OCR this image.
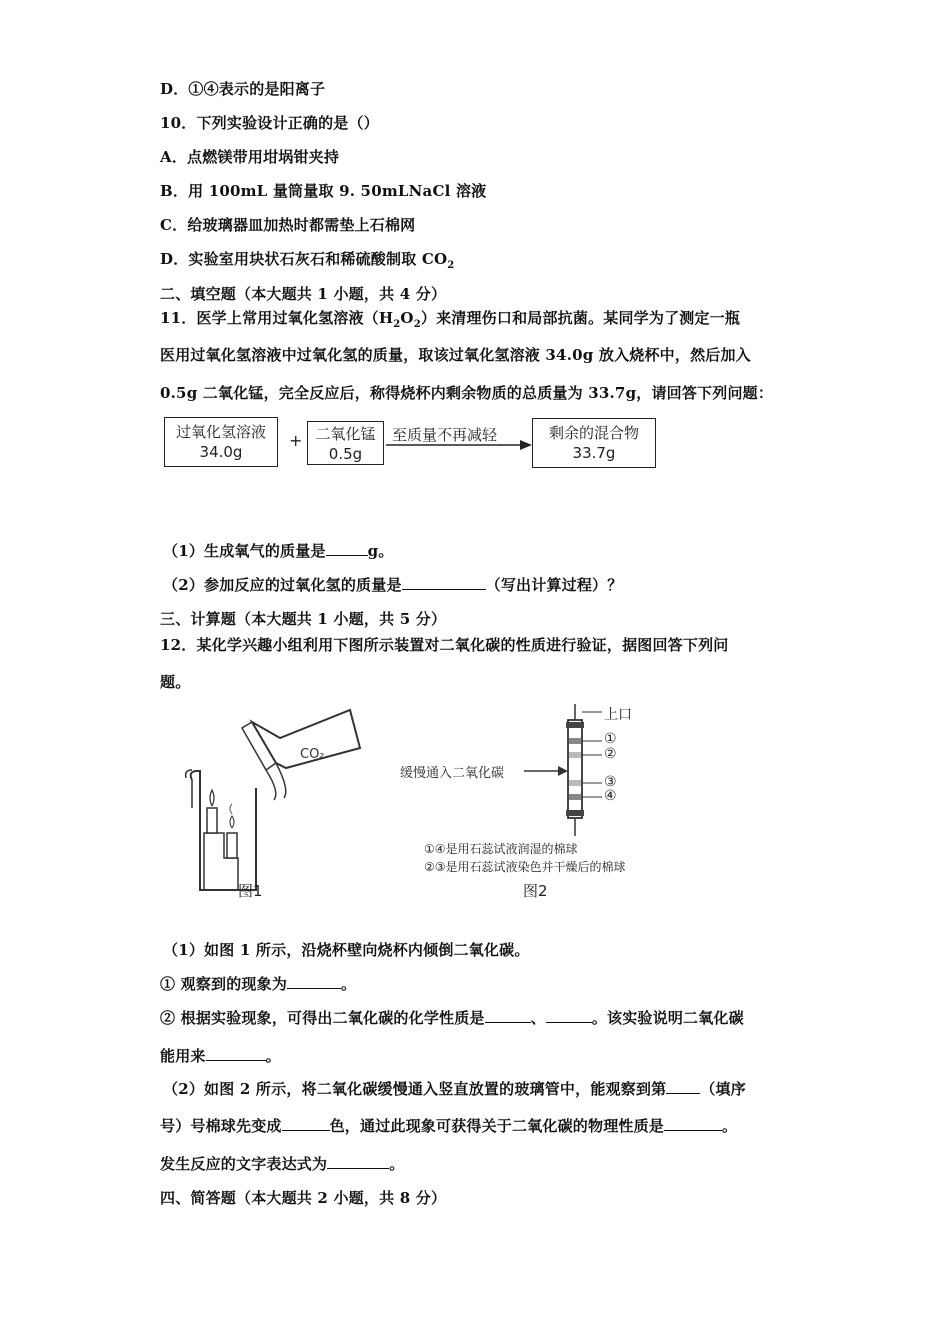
D．①④表示的是阳离子
10．下列实验设计正确的是（）
A．点燃镁带用坩埚钳夹持
B．用 100mL 量筒量取 9. 50mLNaCl 溶液
C．给玻璃器皿加热时都需垫上石棉网
D．实验室用块状石灰石和稀硫酸制取 $CO_2$
二、填空题（本大题共 1 小题，共 4 分）
11．医学上常用过氧化氢溶液$(H_2O_2)$来清理伤口和局部抗菌。某同学为了测定一瓶
医用过氧化氢溶液中过氧化氢的质量，取该过氧化氢溶液 34.0g 放入烧杯中，然后加入
0.5g 二氧化锰，完全反应后，称得烧杯内剩余物质的总质量为 33.7g，请回答下列问题：
过氧化氢溶液
34.0g
+ 二氧化锰
0.5g
至质量不再减轻	剩余的混合物
33.7g
（1）生成氧气的质量是	g。
（2）参加反应的过氧化氢的质量是	（写出计算过程）？
三、计算题（本大题共 1 小题，共 5 分）
12．某化学兴趣小组利用下图所示装置对二氧化碳的性质进行验证，据图回答下列问
题。
CO₂
图1
上口
①
②
③
④
缓慢通入二氧化碳
①④是用石蕊试液润湿的棉球
②③是用石蕊试液染色并干燥后的棉球
图2
（1）如图 1 所示，沿烧杯壁向烧杯内倾倒二氧化碳。
① 观察到的现象为	。
② 根据实验现象，可得出二氧化碳的化学性质是	、	。该实验说明二氧化碳
能用来	。
（2）如图 2 所示，将二氧化碳缓慢通入竖直放置的玻璃管中，能观察到第 （填序
号）号棉球先变成	色，通过此现象可获得关于二氧化碳的物理性质是	。
发生反应的文字表达式为	。
四、简答题（本大题共 2 小题，共 8 分）
